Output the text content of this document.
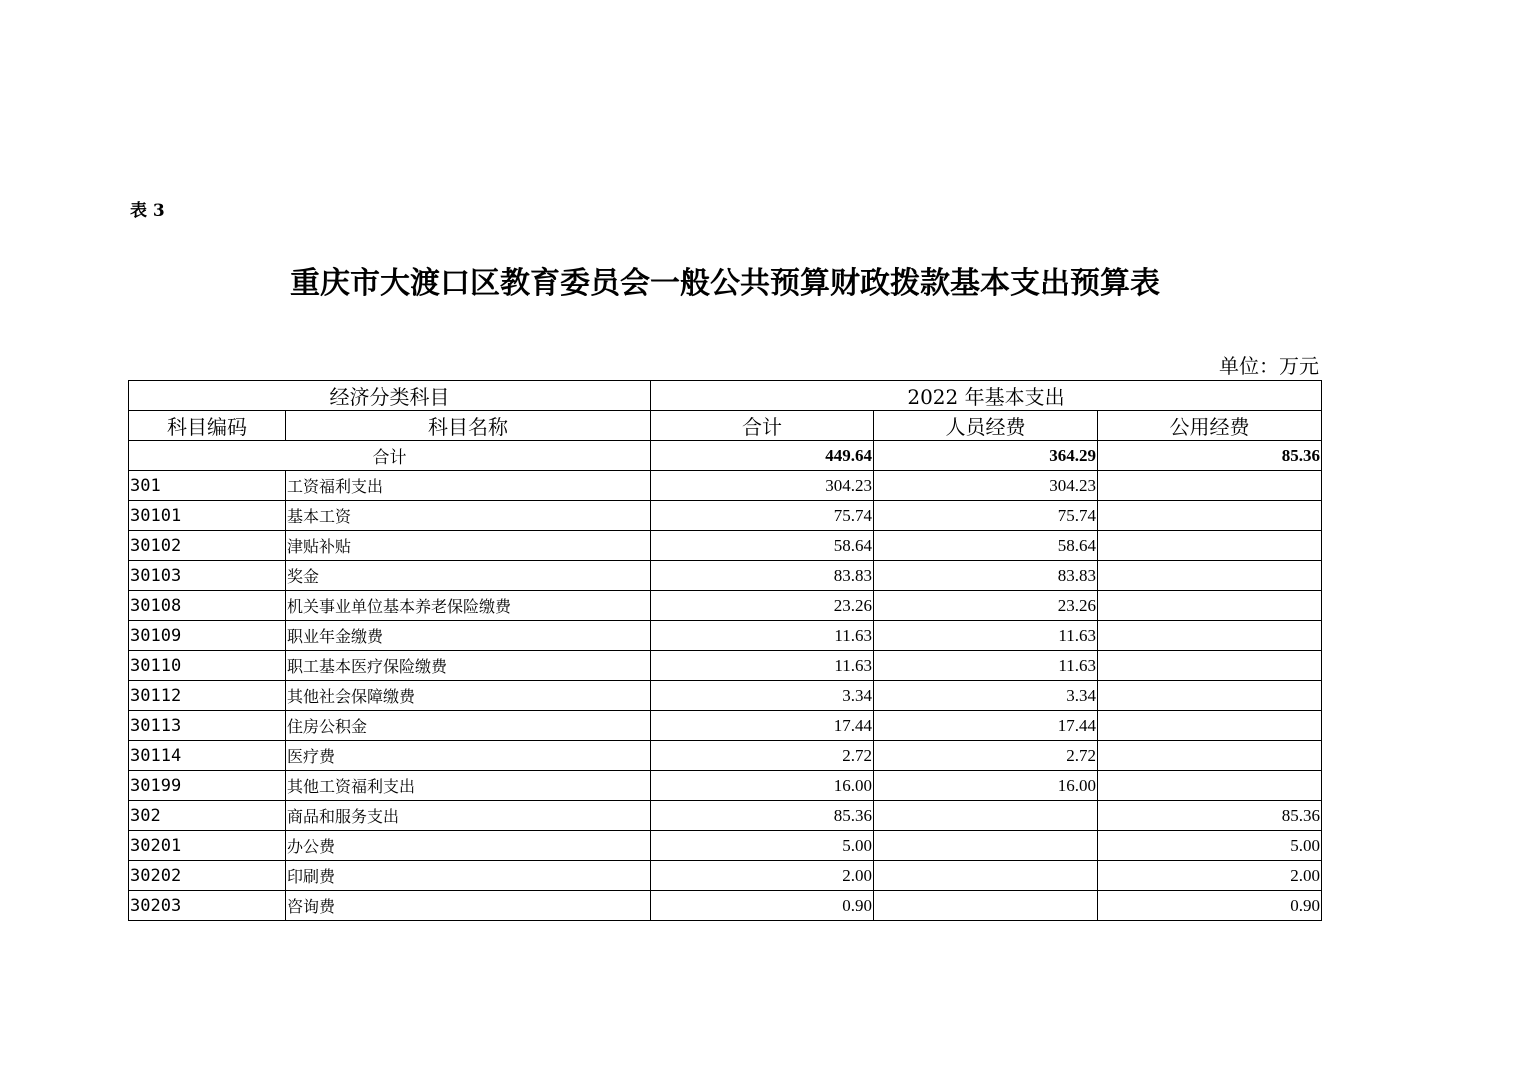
表 3
重庆市大渡口区教育委员会一般公共预算财政拨款基本支出预算表
单位：万元
经济分类科目		2022 年基本支出		
科目编码	科目名称	合计	人员经费	公用经费
合计		449.64	364.29	85.36
301	工资福利支出	304.23	304.23	
30101	基本工资	75.74	75.74	
30102	津贴补贴	58.64	58.64	
30103	奖金	83.83	83.83	
30108	机关事业单位基本养老保险缴费	23.26	23.26	
30109	职业年金缴费	11.63	11.63	
30110	职工基本医疗保险缴费	11.63	11.63	
30112	其他社会保障缴费	3.34	3.34	
30113	住房公积金	17.44	17.44	
30114	医疗费	2.72	2.72	
30199	其他工资福利支出	16.00	16.00	
302	商品和服务支出	85.36		85.36
30201	办公费	5.00		5.00
30202	印刷费	2.00		2.00
30203	咨询费	0.90		0.90
